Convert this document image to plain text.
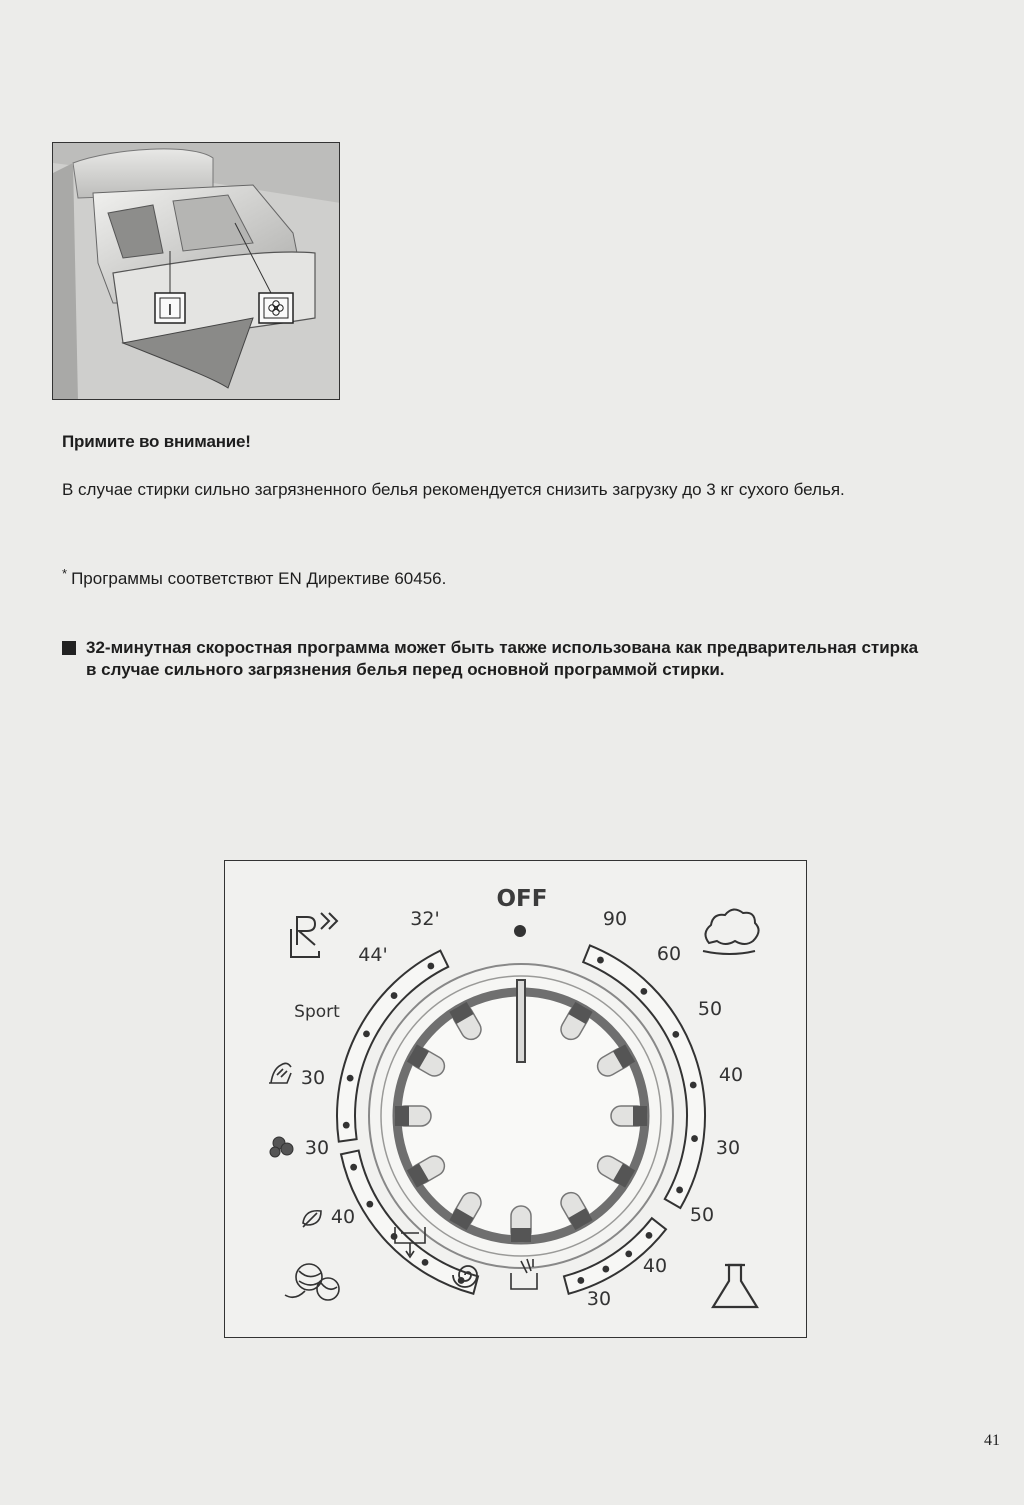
I
Примите во внимание!
В случае стирки сильно загрязненного белья рекомендуется снизить загрузку до 3 кг сухого белья.
* Программы соответствют EN Директиве 60456.
32-минутная скоростная программа может быть также использована как предварительная стирка в случае сильного загрязнения белья перед основной программой стирки.
OFF
90
60
50
40
30
50
40
30
32'
44'
Sport
30
30
40
41
